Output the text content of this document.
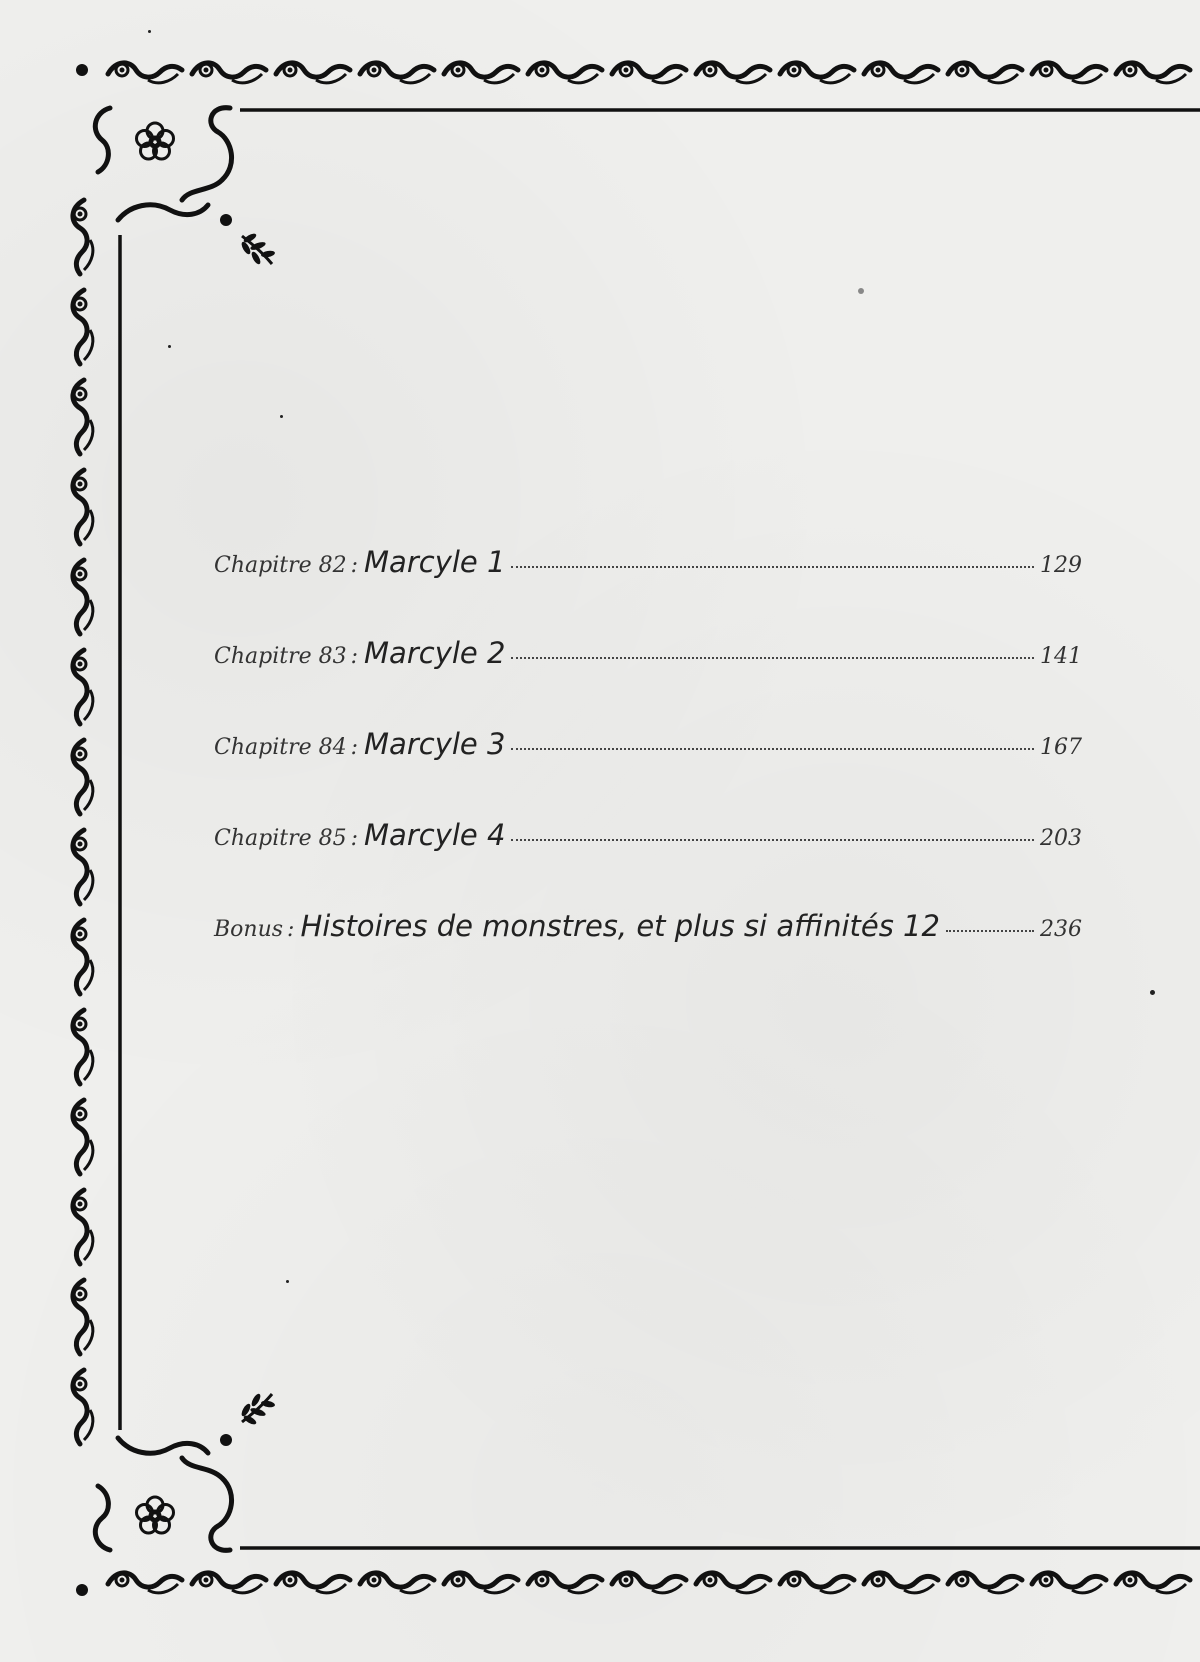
Chapitre 82 : Marcyle 1	129
Chapitre 83 : Marcyle 2	141
Chapitre 84 : Marcyle 3	167
Chapitre 85 : Marcyle 4	203
Bonus : Histoires de monstres, et plus si affinités 12	236
